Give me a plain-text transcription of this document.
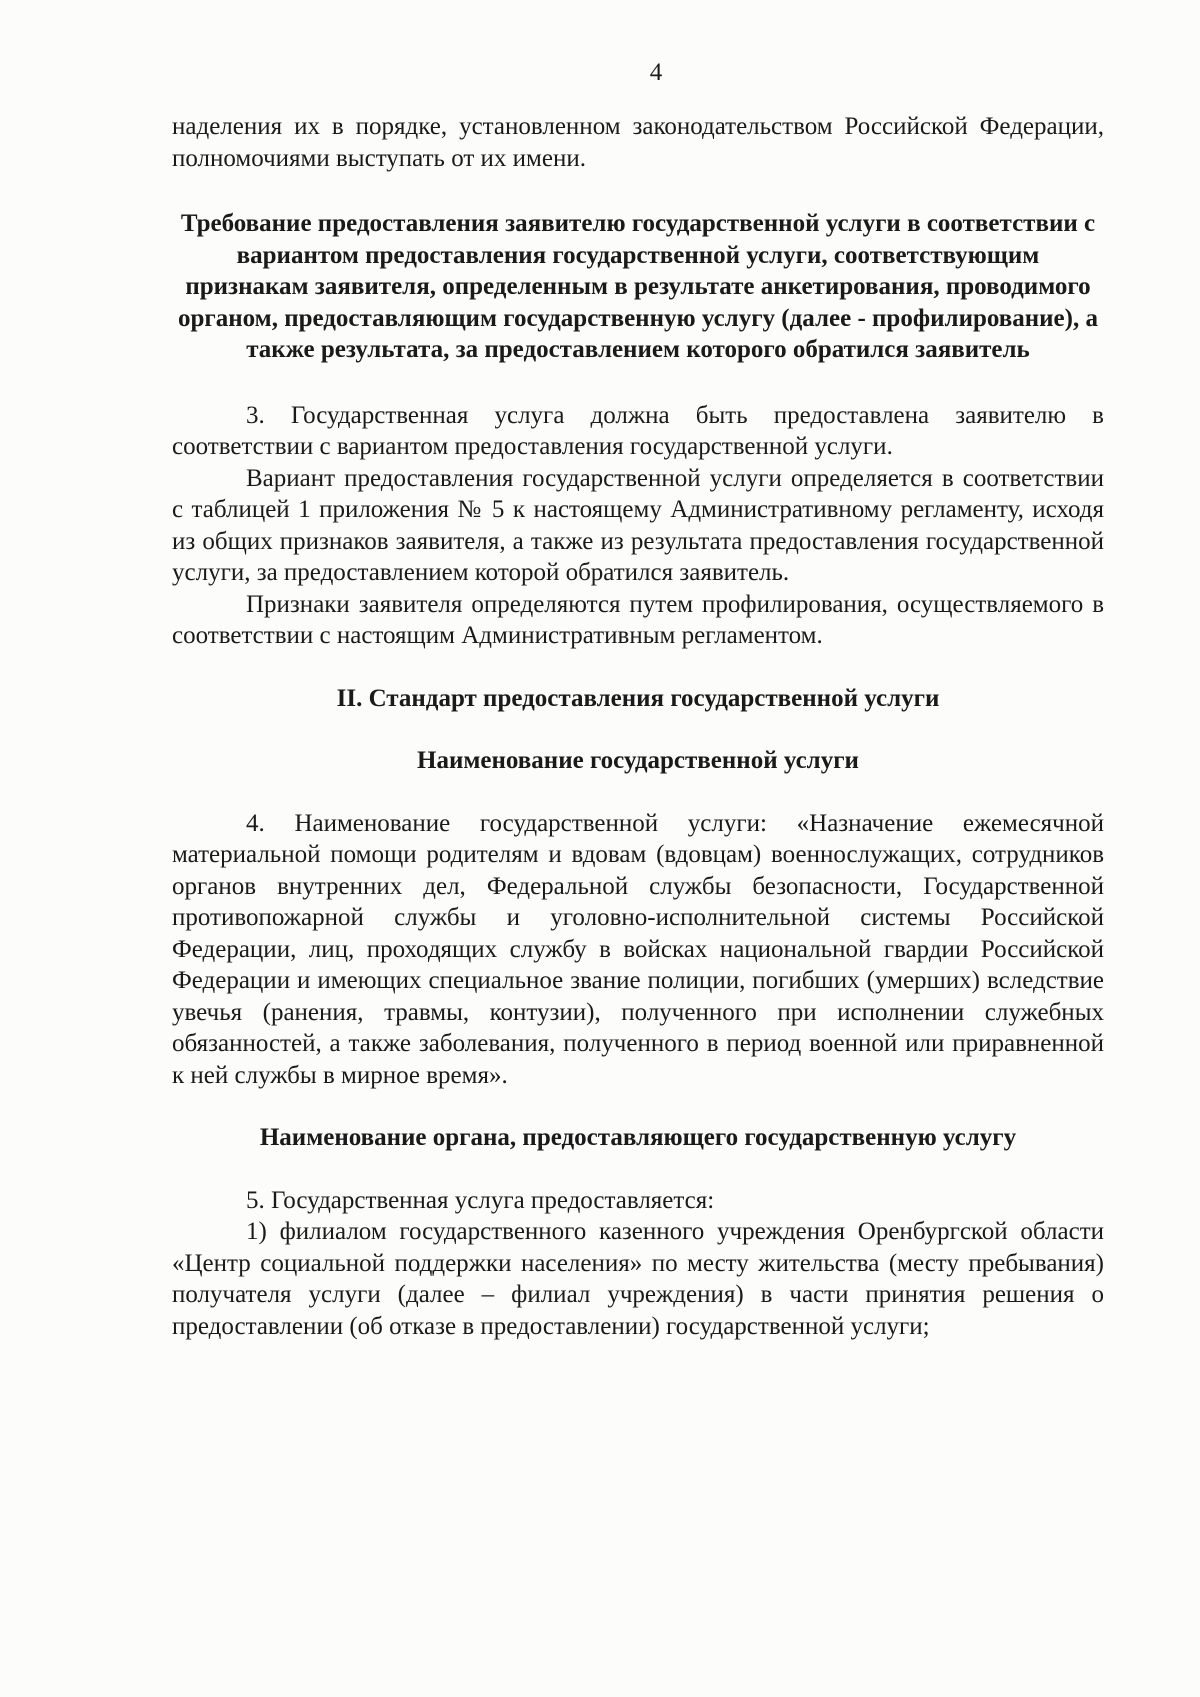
4

наделения их в порядке, установленном законодательством Российской Федерации, полномочиями выступать от их имени.

Требование предоставления заявителю государственной услуги в соответствии с вариантом предоставления государственной услуги, соответствующим признакам заявителя, определенным в результате анкетирования, проводимого органом, предоставляющим государственную услугу (далее - профилирование), а также результата, за предоставлением которого обратился заявитель

3. Государственная услуга должна быть предоставлена заявителю в соответствии с вариантом предоставления государственной услуги.

Вариант предоставления государственной услуги определяется в соответствии с таблицей 1 приложения № 5 к настоящему Административному регламенту, исходя из общих признаков заявителя, а также из результата предоставления государственной услуги, за предоставлением которой обратился заявитель.

Признаки заявителя определяются путем профилирования, осуществляемого в соответствии с настоящим Административным регламентом.

II. Стандарт предоставления государственной услуги
Наименование государственной услуги

4. Наименование государственной услуги: «Назначение ежемесячной материальной помощи родителям и вдовам (вдовцам) военнослужащих, сотрудников органов внутренних дел, Федеральной службы безопасности, Государственной противопожарной службы и уголовно-исполнительной системы Российской Федерации, лиц, проходящих службу в войсках национальной гвардии Российской Федерации и имеющих специальное звание полиции, погибших (умерших) вследствие увечья (ранения, травмы, контузии), полученного при исполнении служебных обязанностей, а также заболевания, полученного в период военной или приравненной к ней службы в мирное время».

Наименование органа, предоставляющего государственную услугу

5. Государственная услуга предоставляется:

1) филиалом государственного казенного учреждения Оренбургской области «Центр социальной поддержки населения» по месту жительства (месту пребывания) получателя услуги (далее – филиал учреждения) в части принятия решения о предоставлении (об отказе в предоставлении) государственной услуги;
